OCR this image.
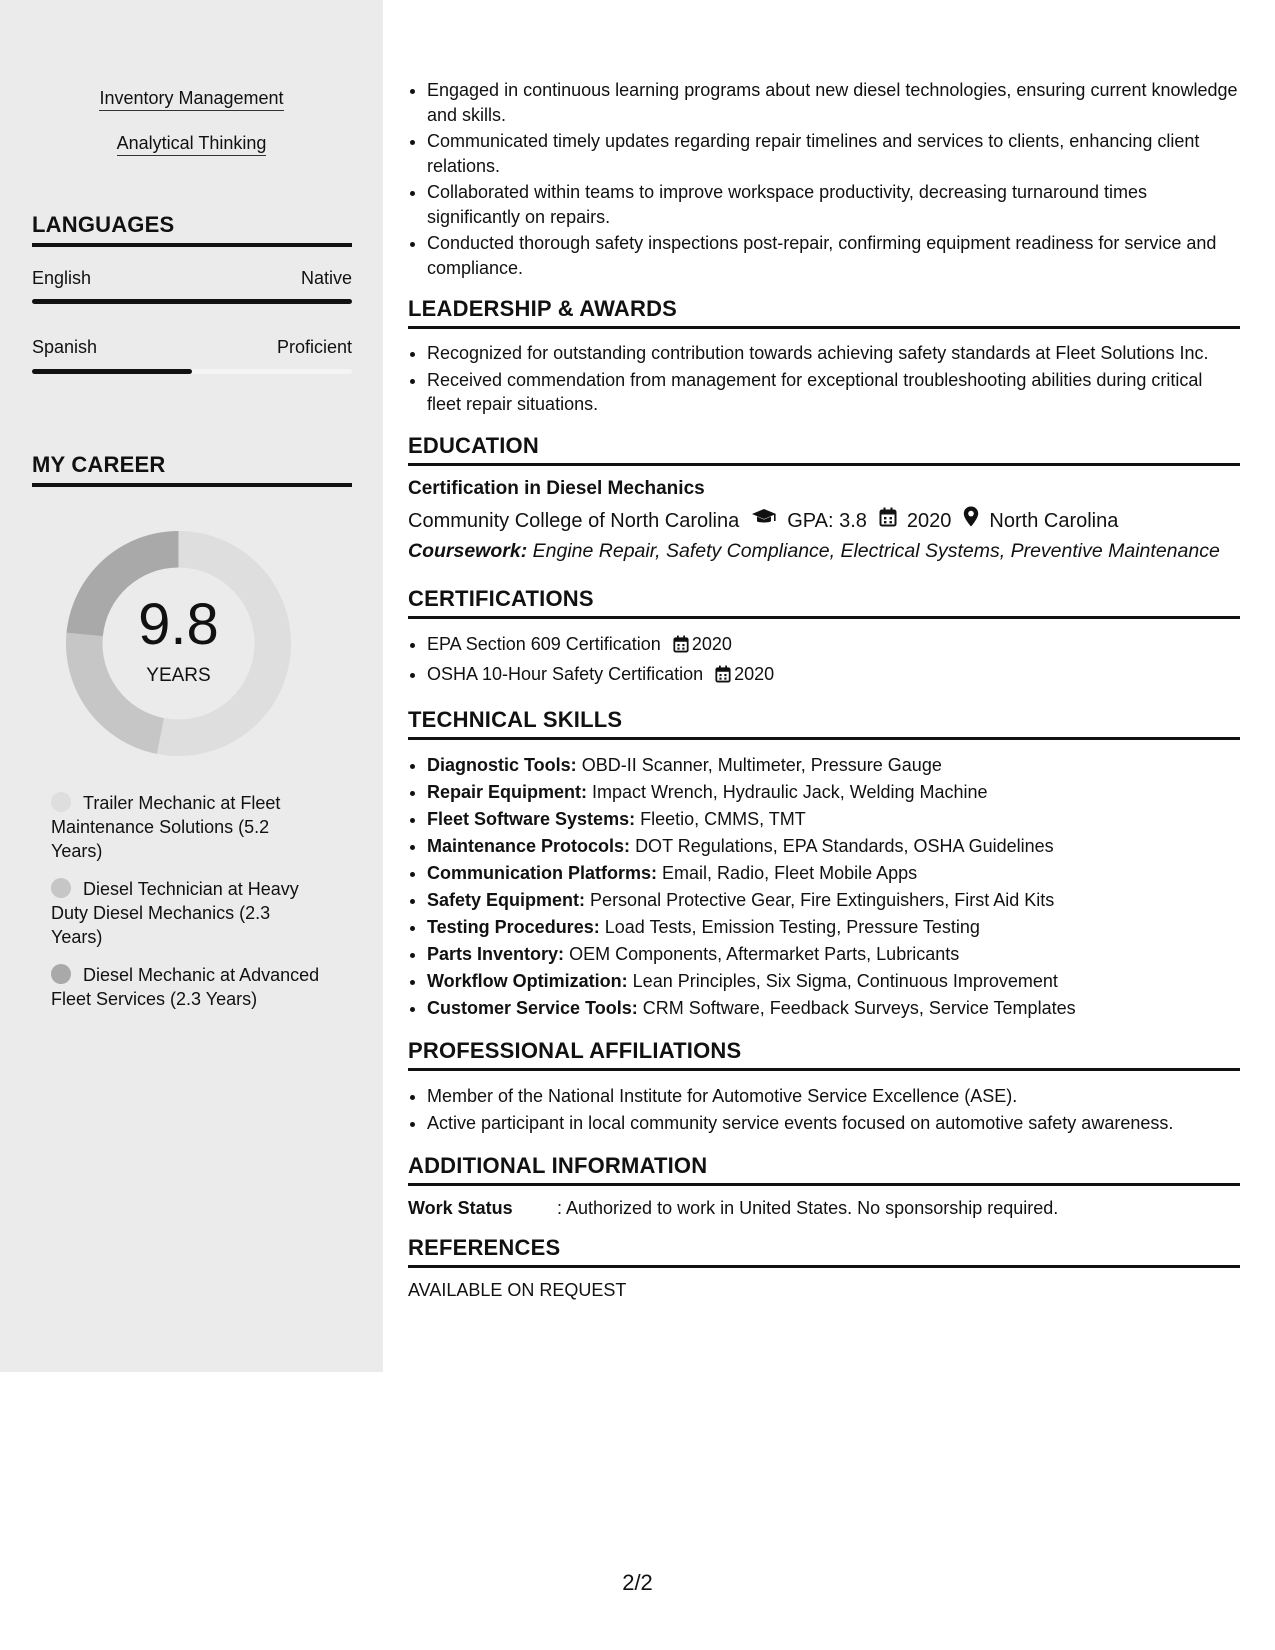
Inventory Management
Analytical Thinking
LANGUAGES
English	Native
Spanish	Proficient
MY CAREER
9.8
YEARS
Trailer Mechanic at Fleet Maintenance Solutions (5.2 Years)
Diesel Technician at Heavy Duty Diesel Mechanics (2.3 Years)
Diesel Mechanic at Advanced Fleet Services (2.3 Years)
• Engaged in continuous learning programs about new diesel technologies, ensuring current knowledge and skills.
• Communicated timely updates regarding repair timelines and services to clients, enhancing client relations.
• Collaborated within teams to improve workspace productivity, decreasing turnaround times significantly on repairs.
• Conducted thorough safety inspections post-repair, confirming equipment readiness for service and compliance.
LEADERSHIP & AWARDS
• Recognized for outstanding contribution towards achieving safety standards at Fleet Solutions Inc.
• Received commendation from management for exceptional troubleshooting abilities during critical fleet repair situations.
EDUCATION
Certification in Diesel Mechanics
Community College of North Carolina GPA: 3.8 2020 North Carolina
Coursework: Engine Repair, Safety Compliance, Electrical Systems, Preventive Maintenance
CERTIFICATIONS
• EPA Section 609 Certification 2020
• OSHA 10-Hour Safety Certification 2020
TECHNICAL SKILLS
• Diagnostic Tools: OBD-II Scanner, Multimeter, Pressure Gauge
• Repair Equipment: Impact Wrench, Hydraulic Jack, Welding Machine
• Fleet Software Systems: Fleetio, CMMS, TMT
• Maintenance Protocols: DOT Regulations, EPA Standards, OSHA Guidelines
• Communication Platforms: Email, Radio, Fleet Mobile Apps
• Safety Equipment: Personal Protective Gear, Fire Extinguishers, First Aid Kits
• Testing Procedures: Load Tests, Emission Testing, Pressure Testing
• Parts Inventory: OEM Components, Aftermarket Parts, Lubricants
• Workflow Optimization: Lean Principles, Six Sigma, Continuous Improvement
• Customer Service Tools: CRM Software, Feedback Surveys, Service Templates
PROFESSIONAL AFFILIATIONS
• Member of the National Institute for Automotive Service Excellence (ASE).
• Active participant in local community service events focused on automotive safety awareness.
ADDITIONAL INFORMATION
Work Status	: Authorized to work in United States. No sponsorship required.
REFERENCES
AVAILABLE ON REQUEST
2/2
